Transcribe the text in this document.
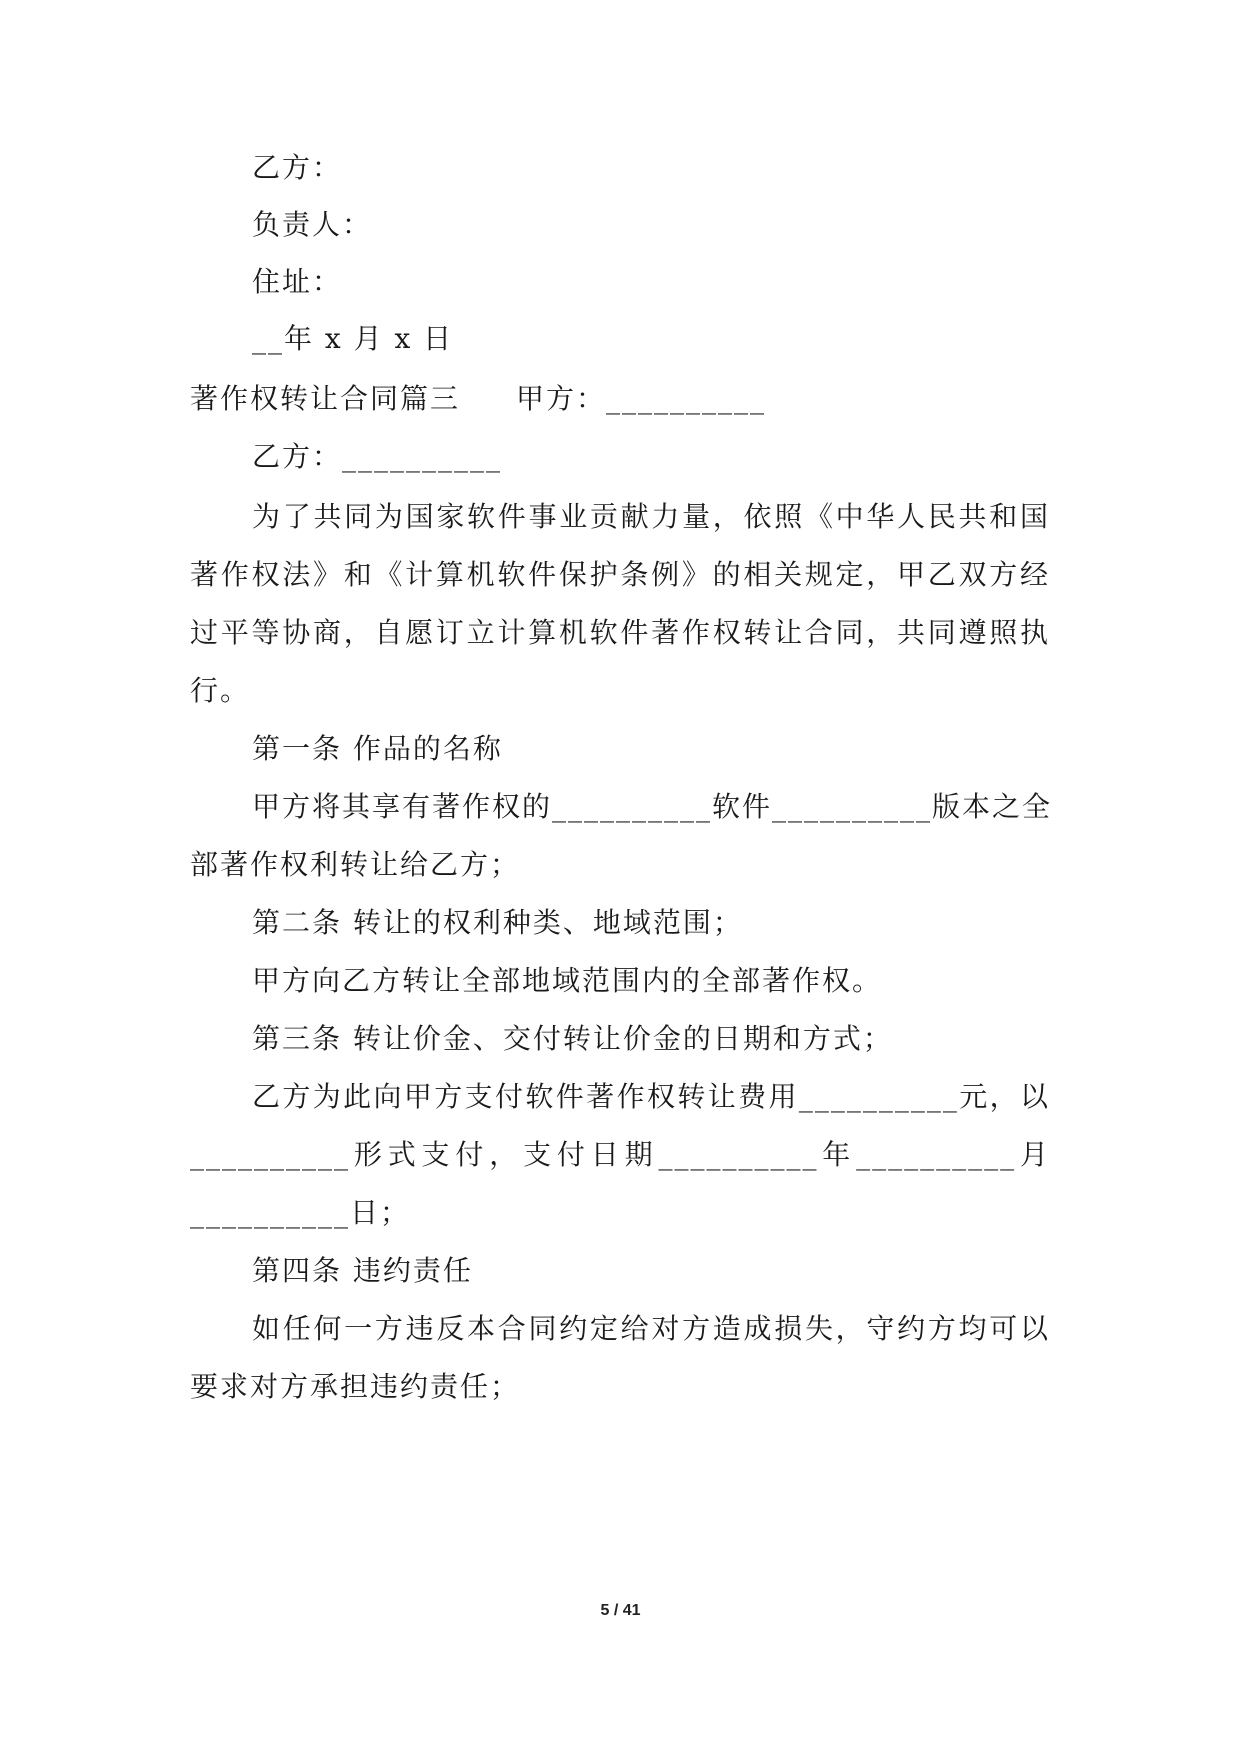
乙方：
负责人：
住址：
__年 x 月 x 日
著作权转让合同篇三 甲方：__________
乙方：__________
为了共同为国家软件事业贡献力量，依照《中华人民共和国
著作权法》和《计算机软件保护条例》的相关规定，甲乙双方经
过平等协商，自愿订立计算机软件著作权转让合同，共同遵照执
行。
第一条 作品的名称
甲方将其享有著作权的__________软件__________版本之全
部著作权利转让给乙方；
第二条 转让的权利种类、地域范围；
甲方向乙方转让全部地域范围内的全部著作权。
第三条 转让价金、交付转让价金的日期和方式；
乙方为此向甲方支付软件著作权转让费用__________元，以
__________形式支付，支付日期__________年__________月
__________日；
第四条 违约责任
如任何一方违反本合同约定给对方造成损失，守约方均可以
要求对方承担违约责任；
5 / 41
